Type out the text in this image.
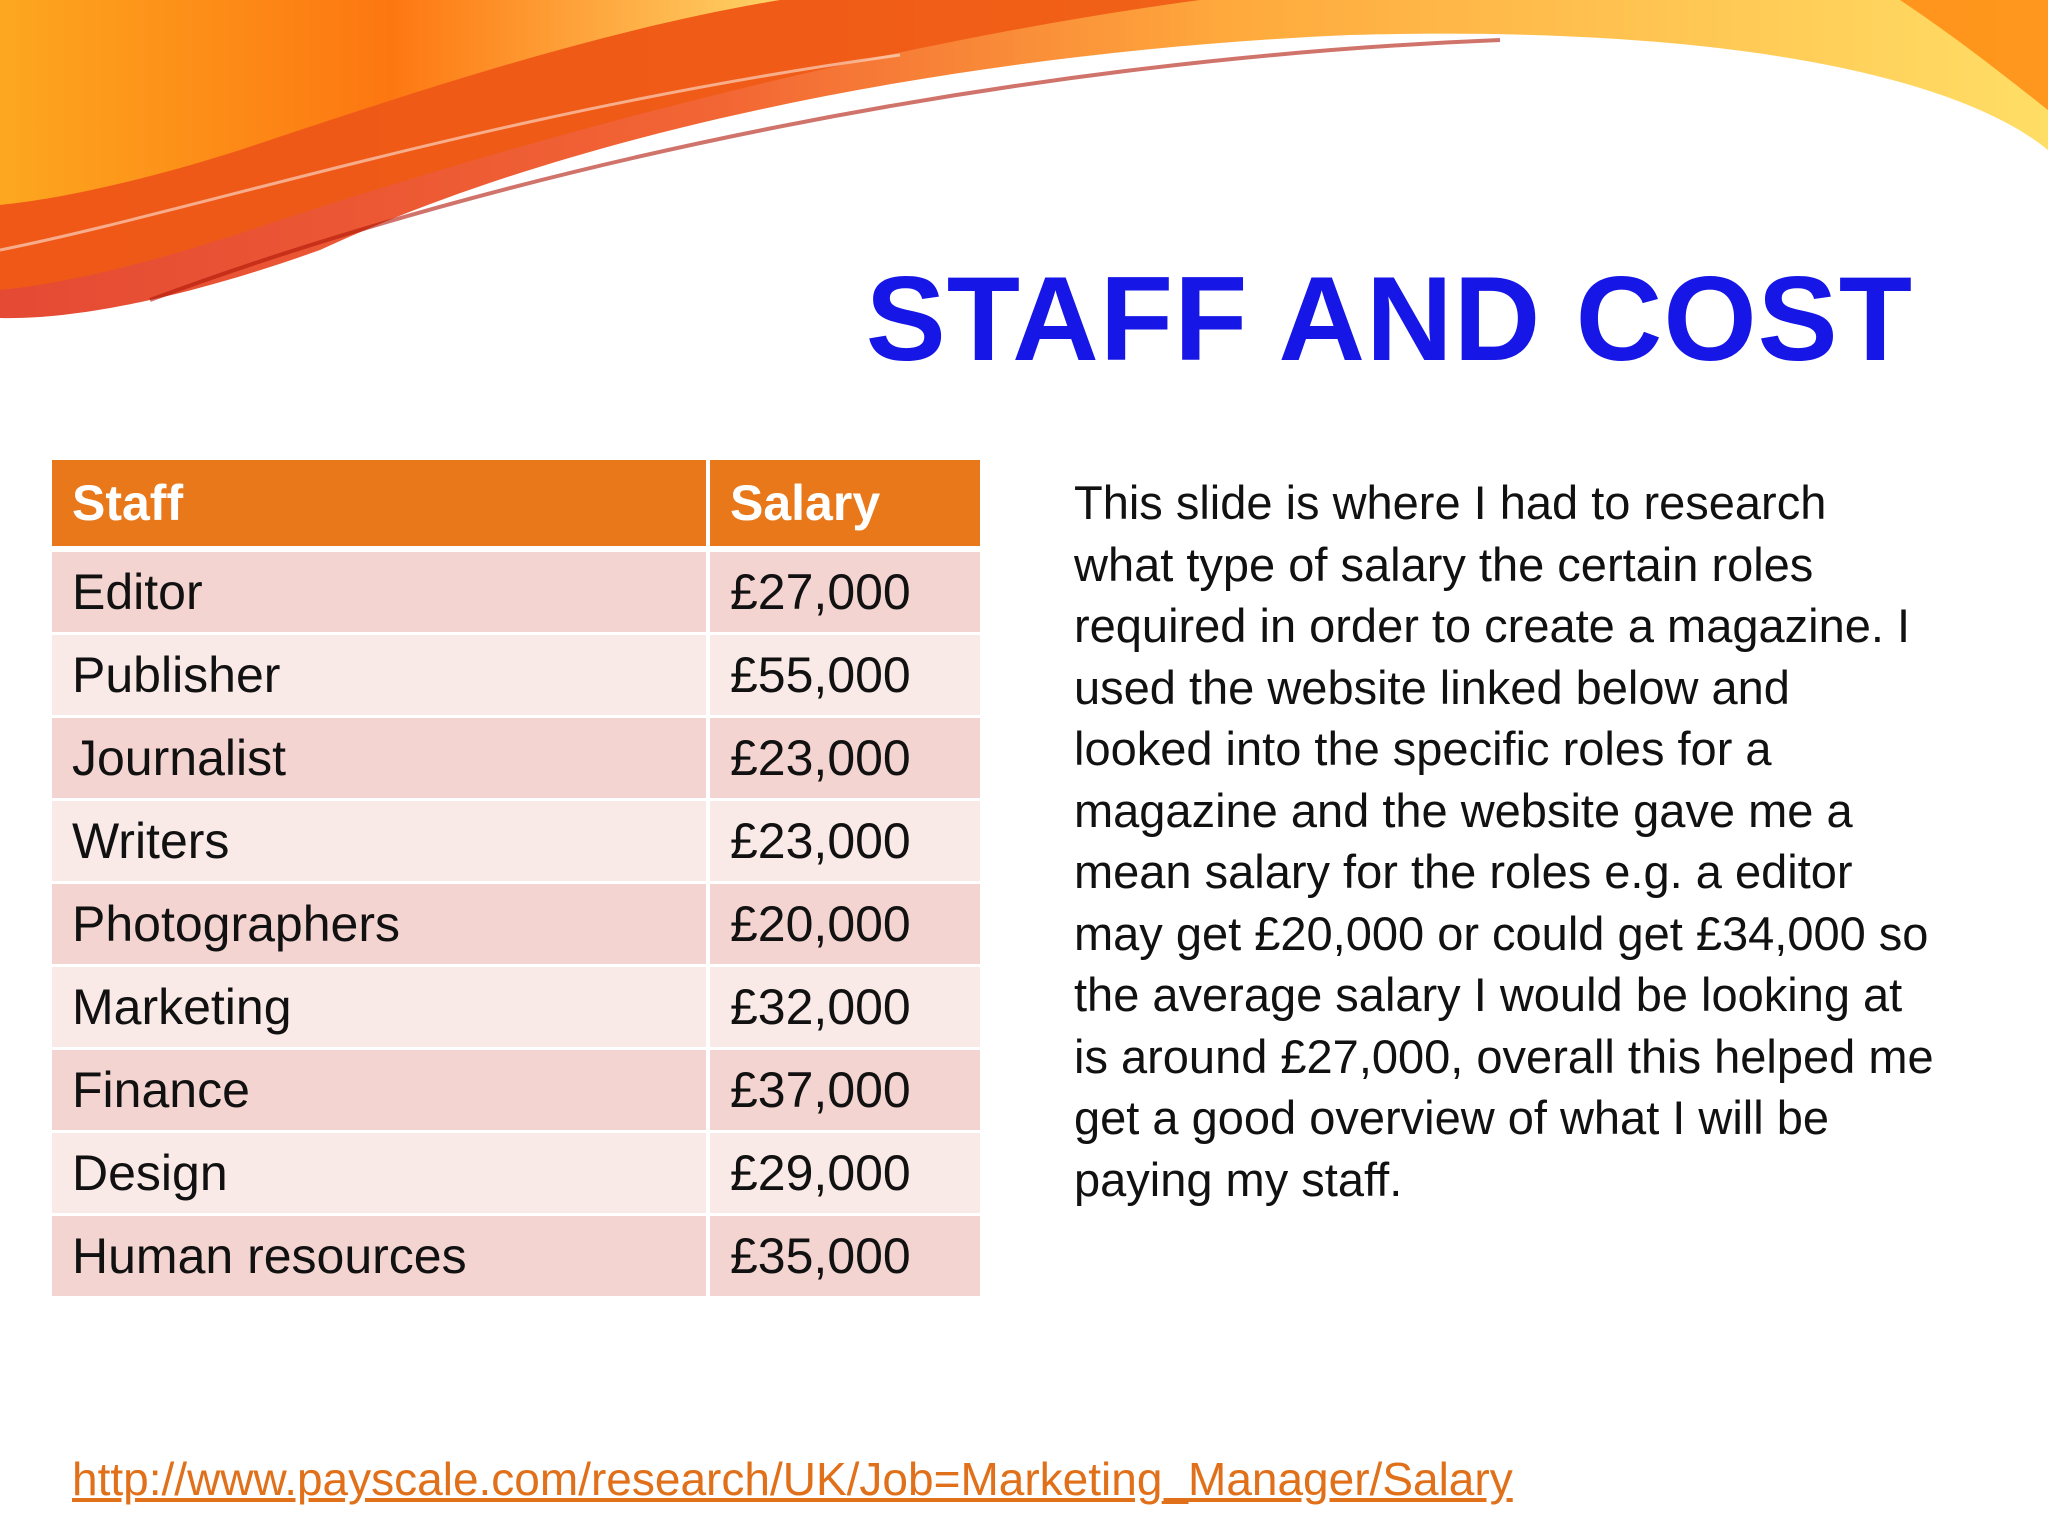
STAFF AND COST
Staff	Salary
Editor	£27,000
Publisher	£55,000
Journalist	£23,000
Writers	£23,000
Photographers	£20,000
Marketing	£32,000
Finance	£37,000
Design	£29,000
Human resources	£35,000

This slide is where I had to research what type of salary the certain roles required in order to create a magazine. I used the website linked below and looked into the specific roles for a magazine and the website gave me a mean salary for the roles e.g. a editor may get £20,000 or could get £34,000 so the average salary I would be looking at is around £27,000, overall this helped me get a good overview of what I will be paying my staff.

http://www.payscale.com/research/UK/Job=Marketing_Manager/Salary
